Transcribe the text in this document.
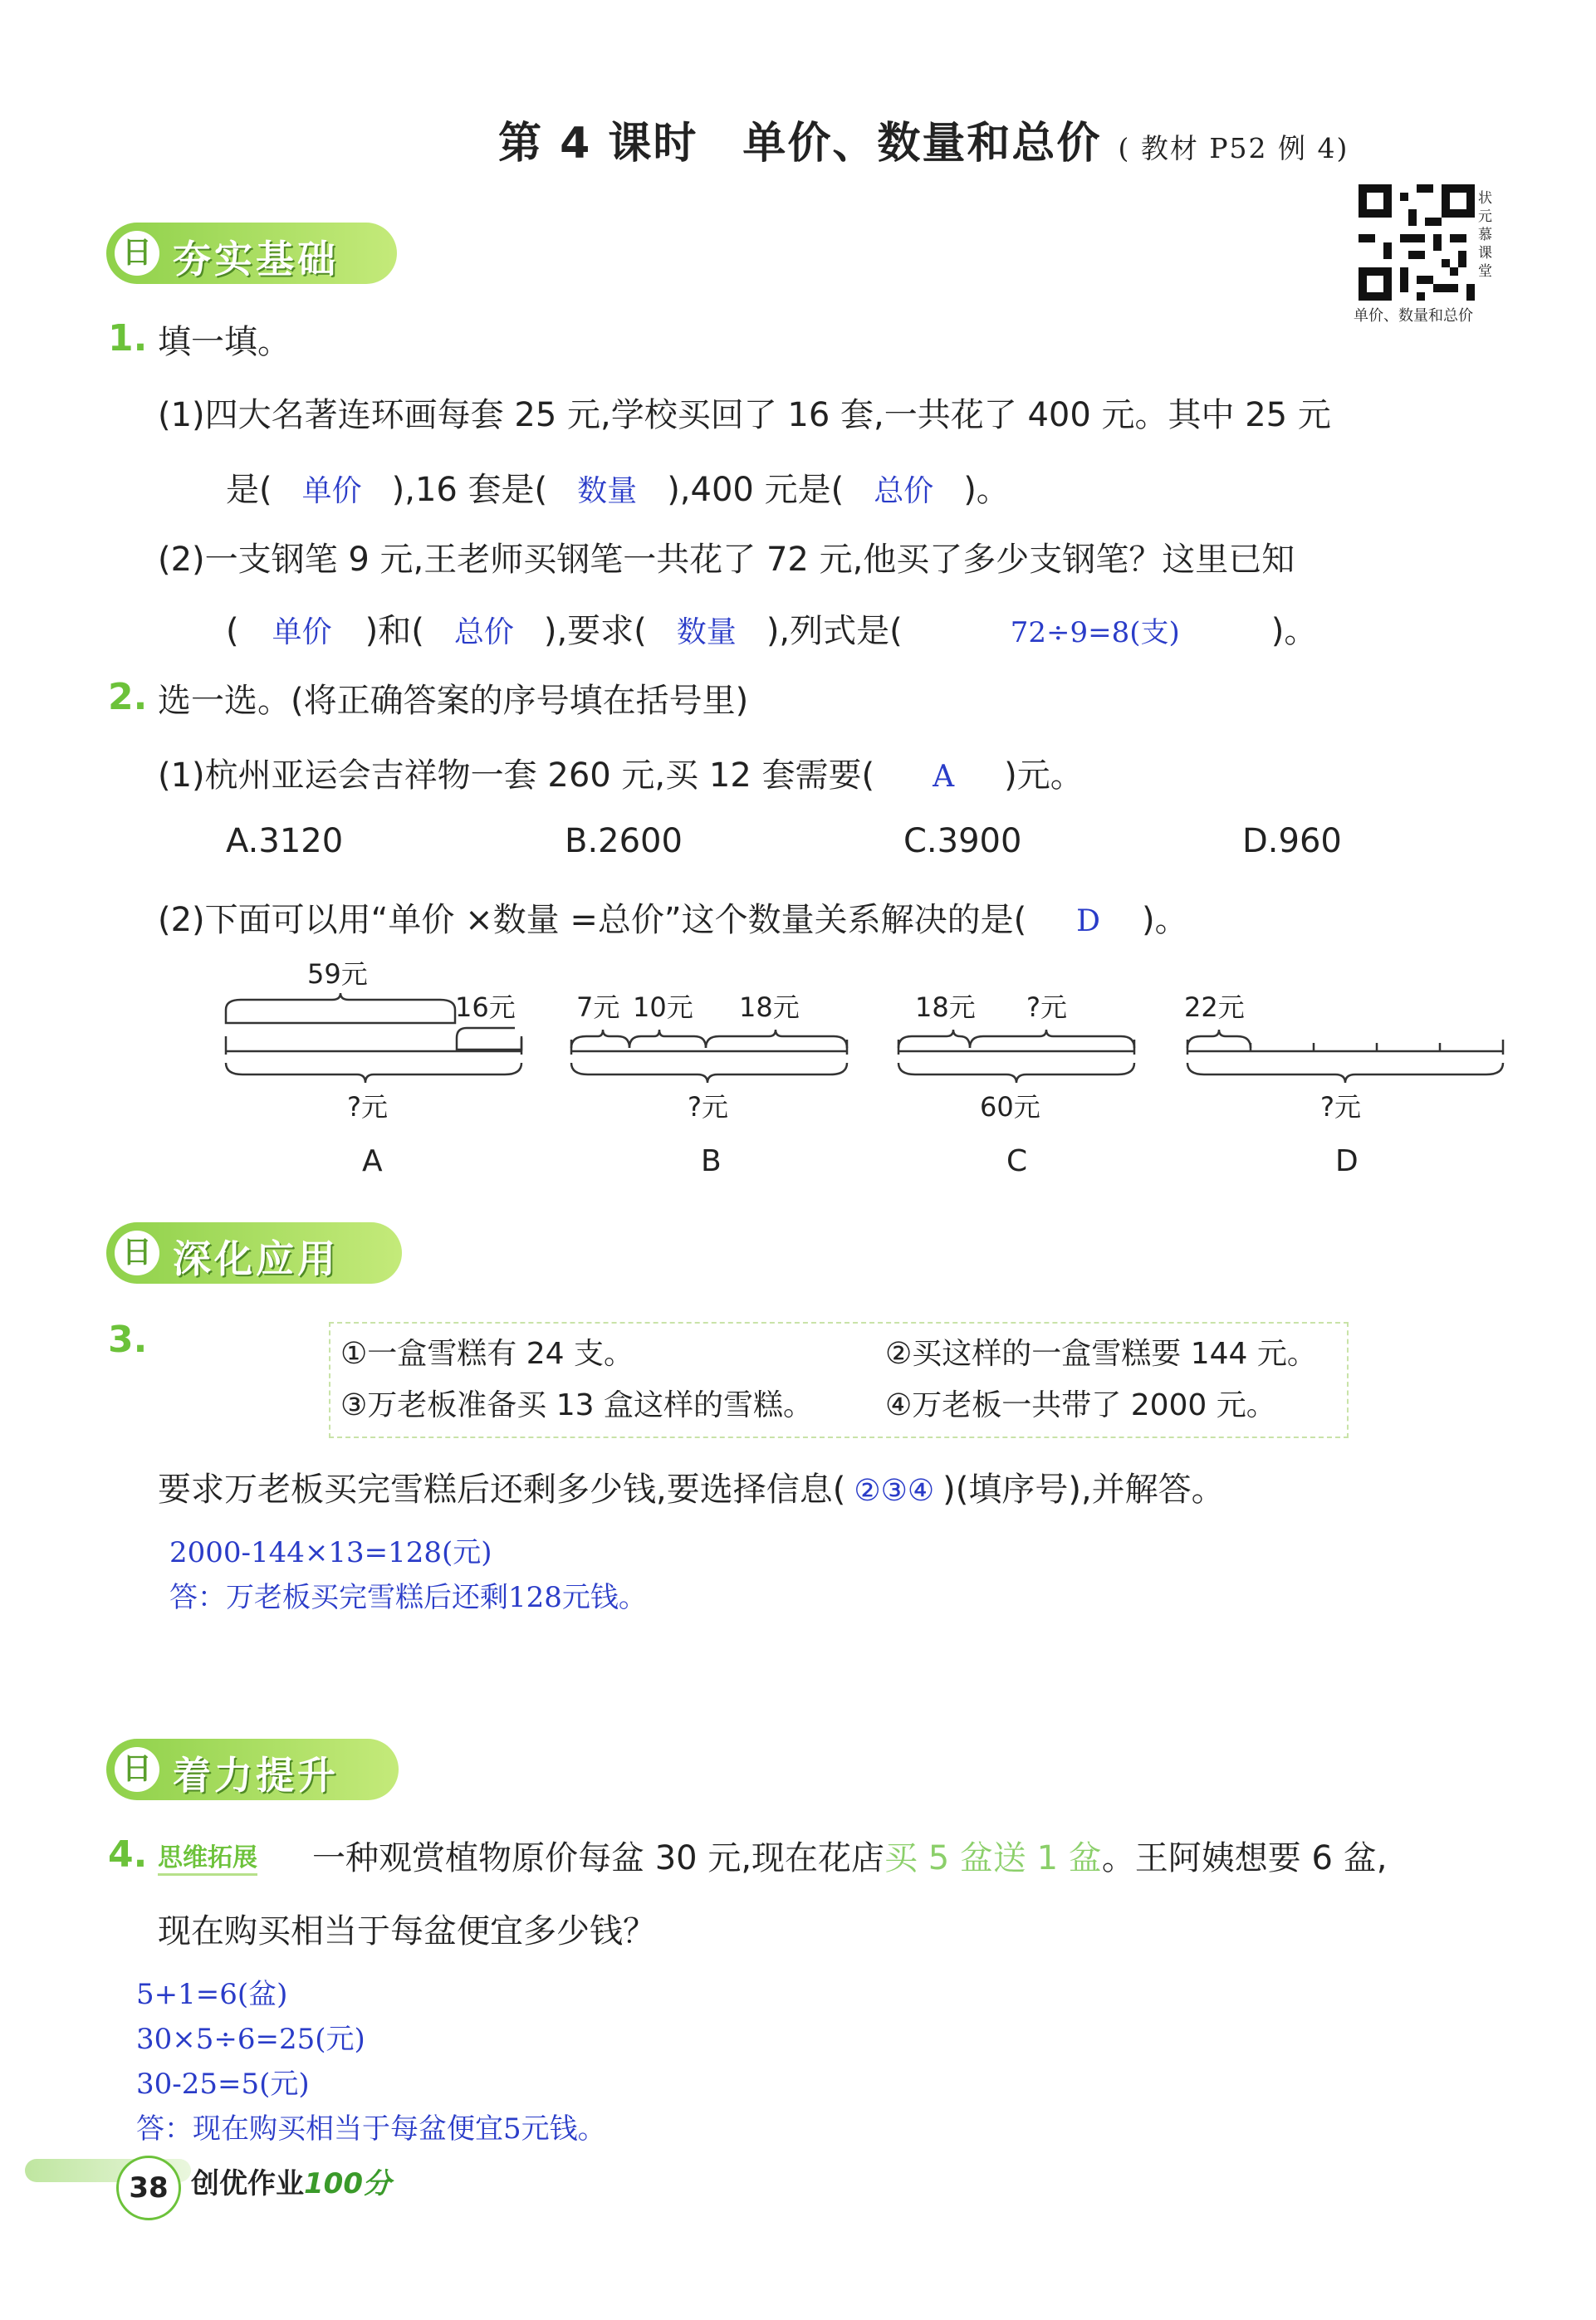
第 4 课时　单价、数量和总价 ( 教材 P52 例 4)
状元慕课堂
单价、数量和总价
日 夯实基础
1. 填一填。
(1)四大名著连环画每套 25 元,学校买回了 16 套,一共花了 400 元。其中 25 元
是( 单价 ),16 套是( 数量 ),400 元是( 总价 )。
(2)一支钢笔 9 元,王老师买钢笔一共花了 72 元,他买了多少支钢笔？这里已知
( 单价 )和( 总价 ),要求( 数量 ),列式是(	72÷9=8(支)	)。
2. 选一选。(将正确答案的序号填在括号里)
(1)杭州亚运会吉祥物一套 260 元,买 12 套需要( A )元。
A.3120	B.2600	C.3900	D.960
(2)下面可以用“单价 ×数量 =总价”这个数量关系解决的是( D )。
59元
16元
?元
7元 10元 18元
?元
18元 ?元
60元
22元
?元
A	B	C	D
日 深化应用
3.	①一盒雪糕有 24 支。	②买这样的一盒雪糕要 144 元。
③万老板准备买 13 盒这样的雪糕。 ④万老板一共带了 2000 元。
要求万老板买完雪糕后还剩多少钱,要选择信息( ②③④ )(填序号),并解答。
2000-144×13=128(元)
答：万老板买完雪糕后还剩128元钱。
日 着力提升
4. 思维拓展 一种观赏植物原价每盆 30 元,现在花店买 5 盆送 1 盆。王阿姨想要 6 盆,
现在购买相当于每盆便宜多少钱？
5+1=6(盆)
30×5÷6=25(元)
30-25=5(元)
答：现在购买相当于每盆便宜5元钱。
38 创优作业100分
